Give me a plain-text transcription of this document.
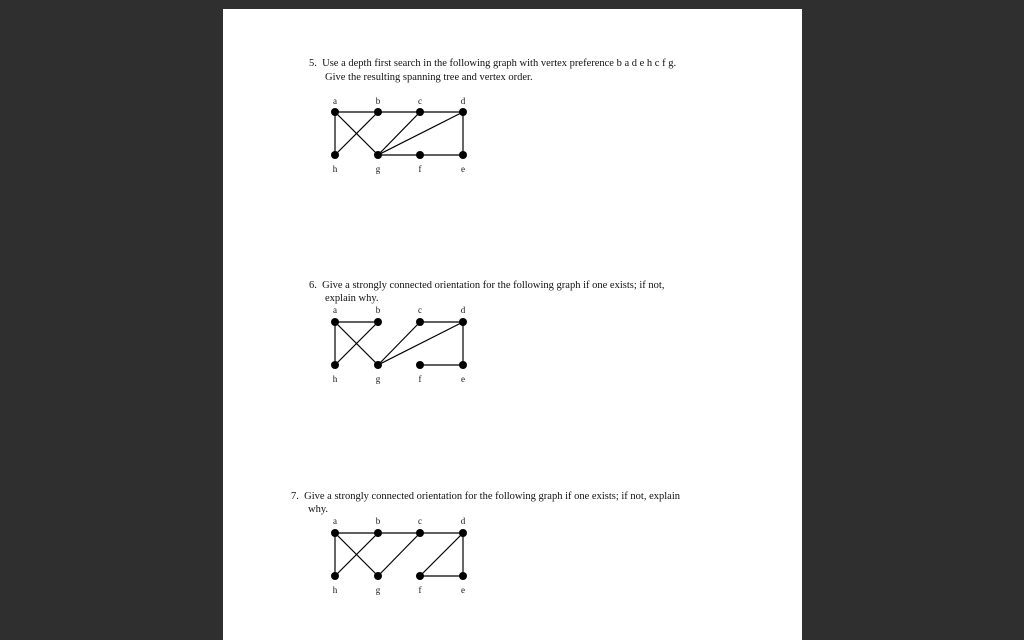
5. Use a depth first search in the following graph with vertex preference b a d e h c f g.
Give the resulting spanning tree and vertex order.
a	b	c	d
h	g	f	e
6. Give a strongly connected orientation for the following graph if one exists; if not,
explain why.
a	b	c	d
h	g	f	e
7. Give a strongly connected orientation for the following graph if one exists; if not, explain
why.
a	b	c	d
h	g	f	e
